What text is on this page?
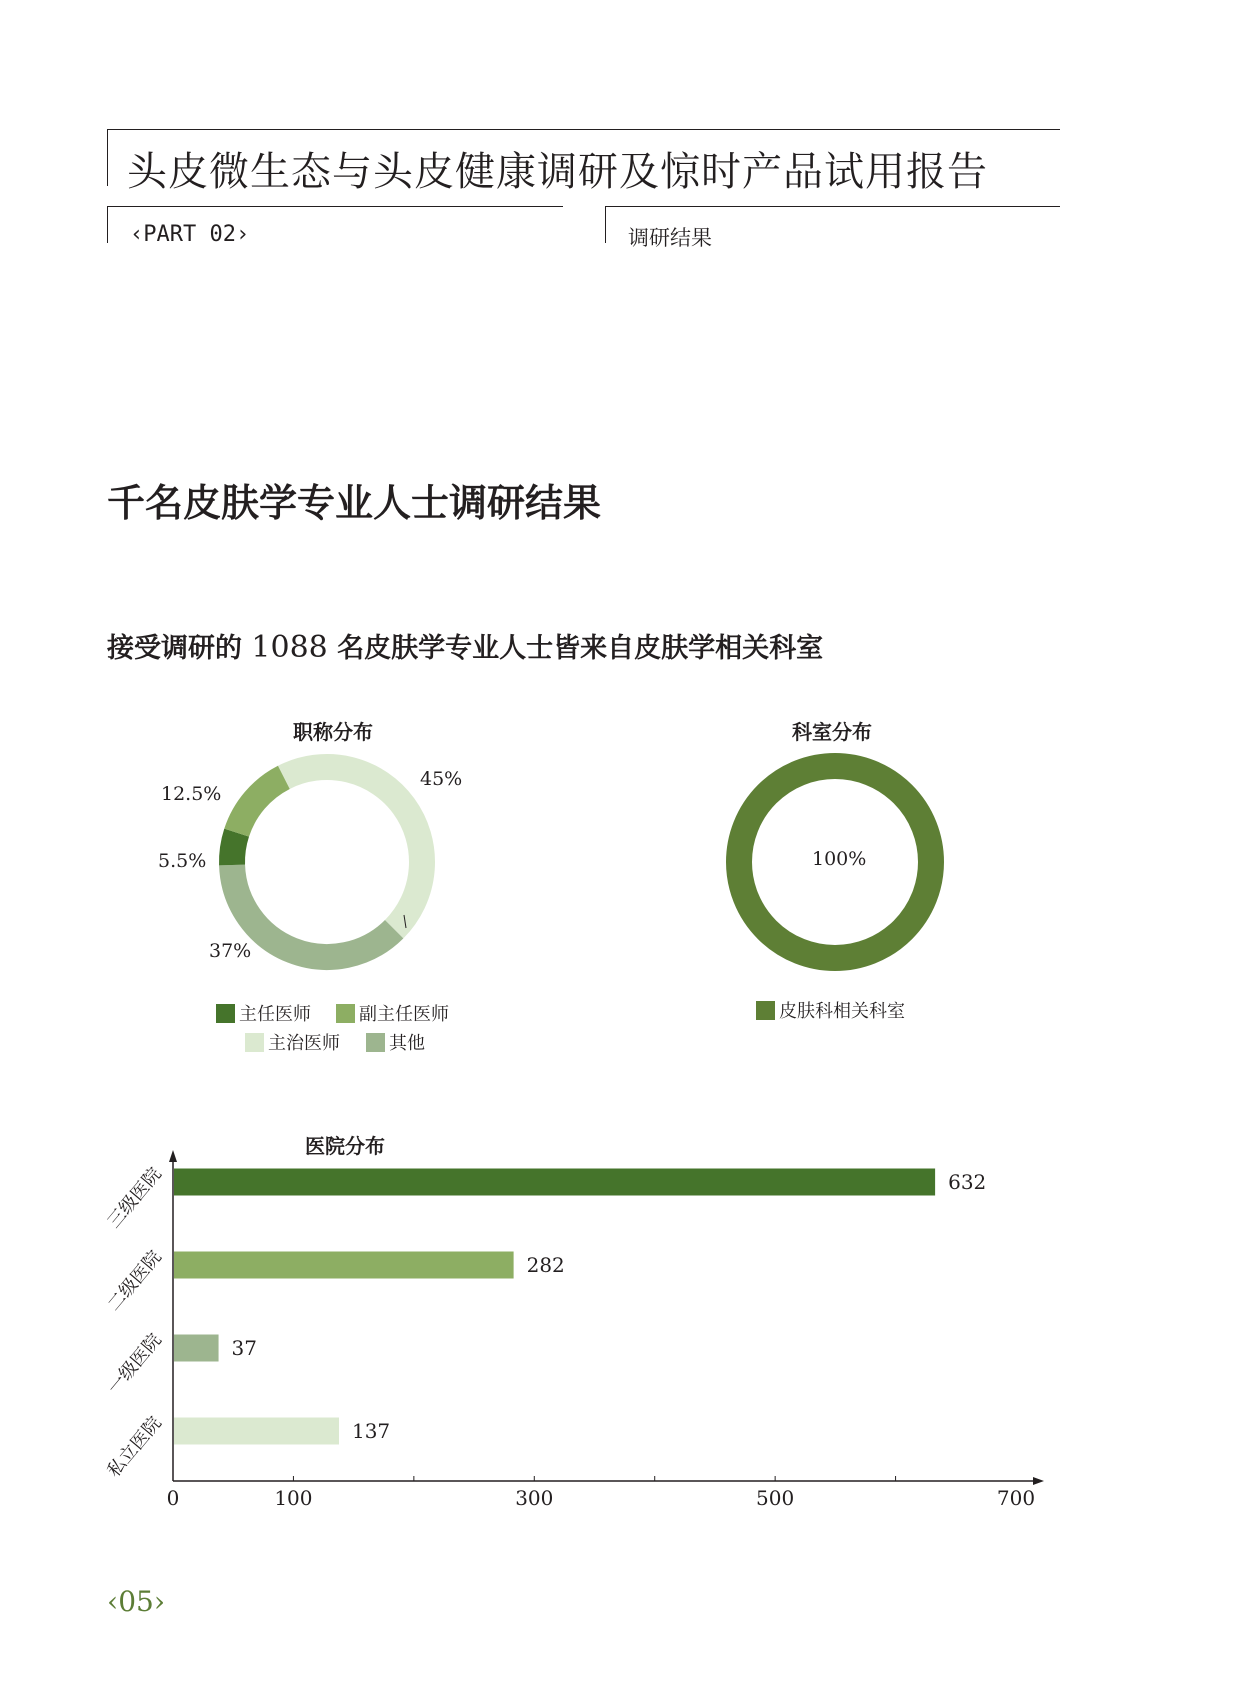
头皮微生态与头皮健康调研及惊时产品试用报告
‹PART 02›	调研结果
千名皮肤学专业人士调研结果
接受调研的 1088 名皮肤学专业人士皆来自皮肤学相关科室
职称分布
12.5%
45%
5.5%
37%
主任医师	副主任医师
主治医师	其他
科室分布
100%
皮肤科相关科室
医院分布
0	100	300	500	700
632
三级医院
282
二级医院
37
一级医院
137
私立医院
‹05›
